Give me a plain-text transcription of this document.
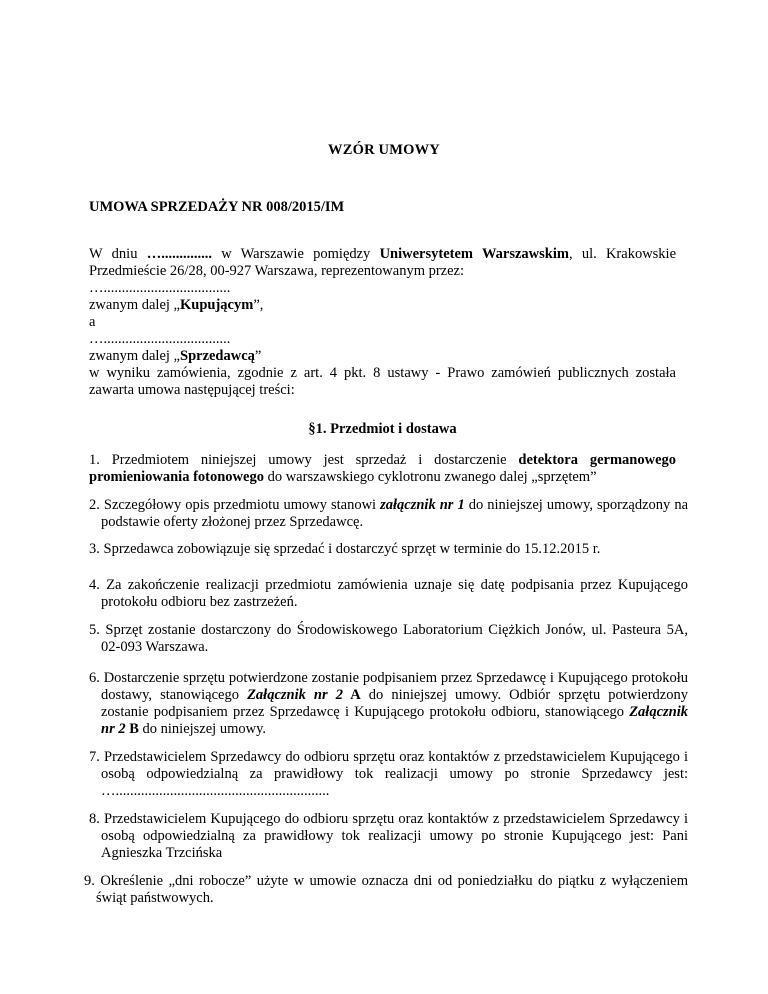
WZÓR UMOWY
UMOWA SPRZEDAŻY NR 008/2015/IM
W dniu ….............. w Warszawie pomiędzy Uniwersytetem Warszawskim, ul. Krakowskie Przedmieście 26/28, 00-927 Warszawa, reprezentowanym przez:
…...................................
zwanym dalej „Kupującym”,
a
…...................................
zwanym dalej „Sprzedawcą”
w wyniku zamówienia, zgodnie z art. 4 pkt. 8 ustawy - Prawo zamówień publicznych została zawarta umowa następującej treści:
§1. Przedmiot i dostawa
1. Przedmiotem niniejszej umowy jest sprzedaż i dostarczenie detektora germanowego promieniowania fotonowego do warszawskiego cyklotronu zwanego dalej „sprzętem”
2. Szczegółowy opis przedmiotu umowy stanowi załącznik nr 1 do niniejszej umowy, sporządzony na podstawie oferty złożonej przez Sprzedawcę.
3. Sprzedawca zobowiązuje się sprzedać i dostarczyć sprzęt w terminie do 15.12.2015 r.
4. Za zakończenie realizacji przedmiotu zamówienia uznaje się datę podpisania przez Kupującego protokołu odbioru bez zastrzeżeń.
5. Sprzęt zostanie dostarczony do Środowiskowego Laboratorium Ciężkich Jonów, ul. Pasteura 5A, 02-093 Warszawa.
6. Dostarczenie sprzętu potwierdzone zostanie podpisaniem przez Sprzedawcę i Kupującego protokołu dostawy, stanowiącego Załącznik nr 2 A do niniejszej umowy. Odbiór sprzętu potwierdzony zostanie podpisaniem przez Sprzedawcę i Kupującego protokołu odbioru, stanowiącego Załącznik nr 2 B do niniejszej umowy.
7. Przedstawicielem Sprzedawcy do odbioru sprzętu oraz kontaktów z przedstawicielem Kupującego i osobą odpowiedzialną za prawidłowy tok realizacji umowy po stronie Sprzedawcy jest: …...........................................................
8. Przedstawicielem Kupującego do odbioru sprzętu oraz kontaktów z przedstawicielem Sprzedawcy i osobą odpowiedzialną za prawidłowy tok realizacji umowy po stronie Kupującego jest: Pani Agnieszka Trzcińska
9. Określenie „dni robocze” użyte w umowie oznacza dni od poniedziałku do piątku z wyłączeniem świąt państwowych.
